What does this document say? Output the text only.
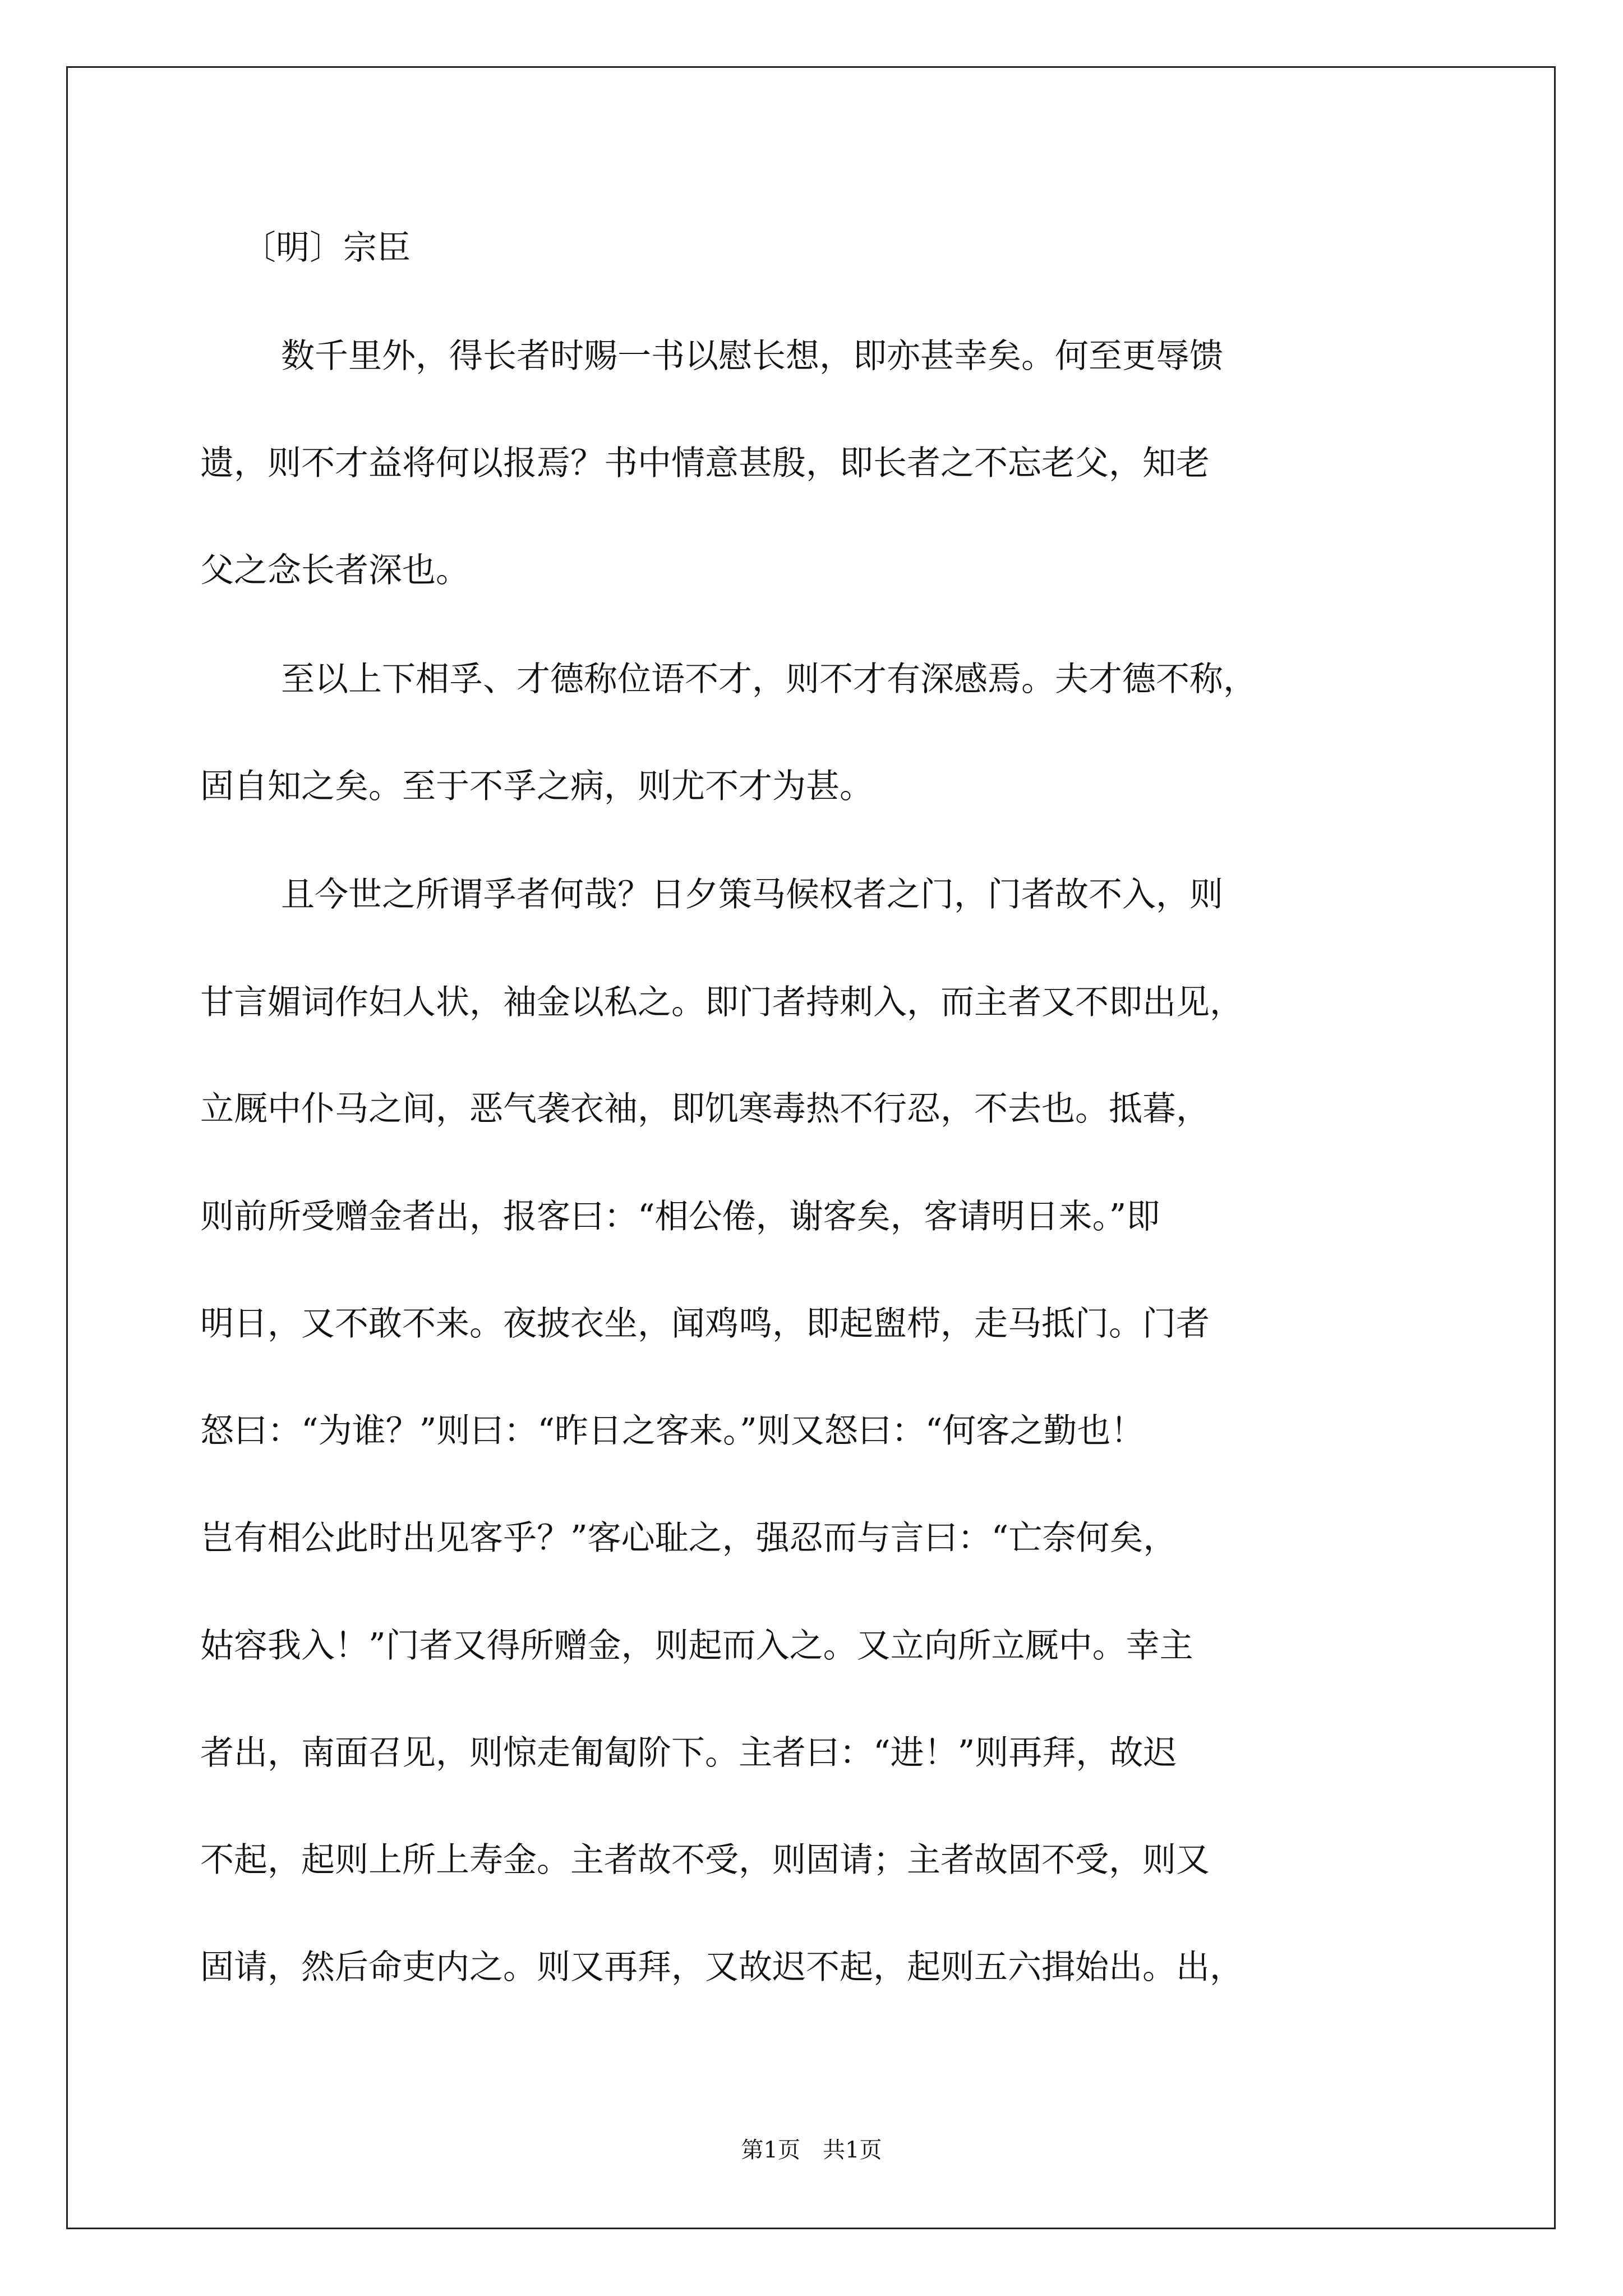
〔明〕宗臣
数千里外，得长者时赐一书以慰长想，即亦甚幸矣。何至更辱馈
遗，则不才益将何以报焉？书中情意甚殷，即长者之不忘老父，知老
父之念长者深也。
至以上下相孚、才德称位语不才，则不才有深感焉。夫才德不称，
固自知之矣。至于不孚之病，则尤不才为甚。
且今世之所谓孚者何哉？日夕策马候权者之门，门者故不入，则
甘言媚词作妇人状，袖金以私之。即门者持刺入，而主者又不即出见，
立厩中仆马之间，恶气袭衣袖，即饥寒毒热不行忍，不去也。抵暮，
则前所受赠金者出，报客曰：“相公倦，谢客矣，客请明日来。”即
明日，又不敢不来。夜披衣坐，闻鸡鸣，即起盥栉，走马抵门。门者
怒曰：“为谁？”则曰：“昨日之客来。”则又怒曰：“何客之勤也！
岂有相公此时出见客乎？”客心耻之，强忍而与言曰：“亡奈何矣，
姑容我入！”门者又得所赠金，则起而入之。又立向所立厩中。幸主
者出，南面召见，则惊走匍匐阶下。主者曰：“进！”则再拜，故迟
不起，起则上所上寿金。主者故不受，则固请；主者故固不受，则又
固请，然后命吏内之。则又再拜，又故迟不起，起则五六揖始出。出，
第1页　共1页
